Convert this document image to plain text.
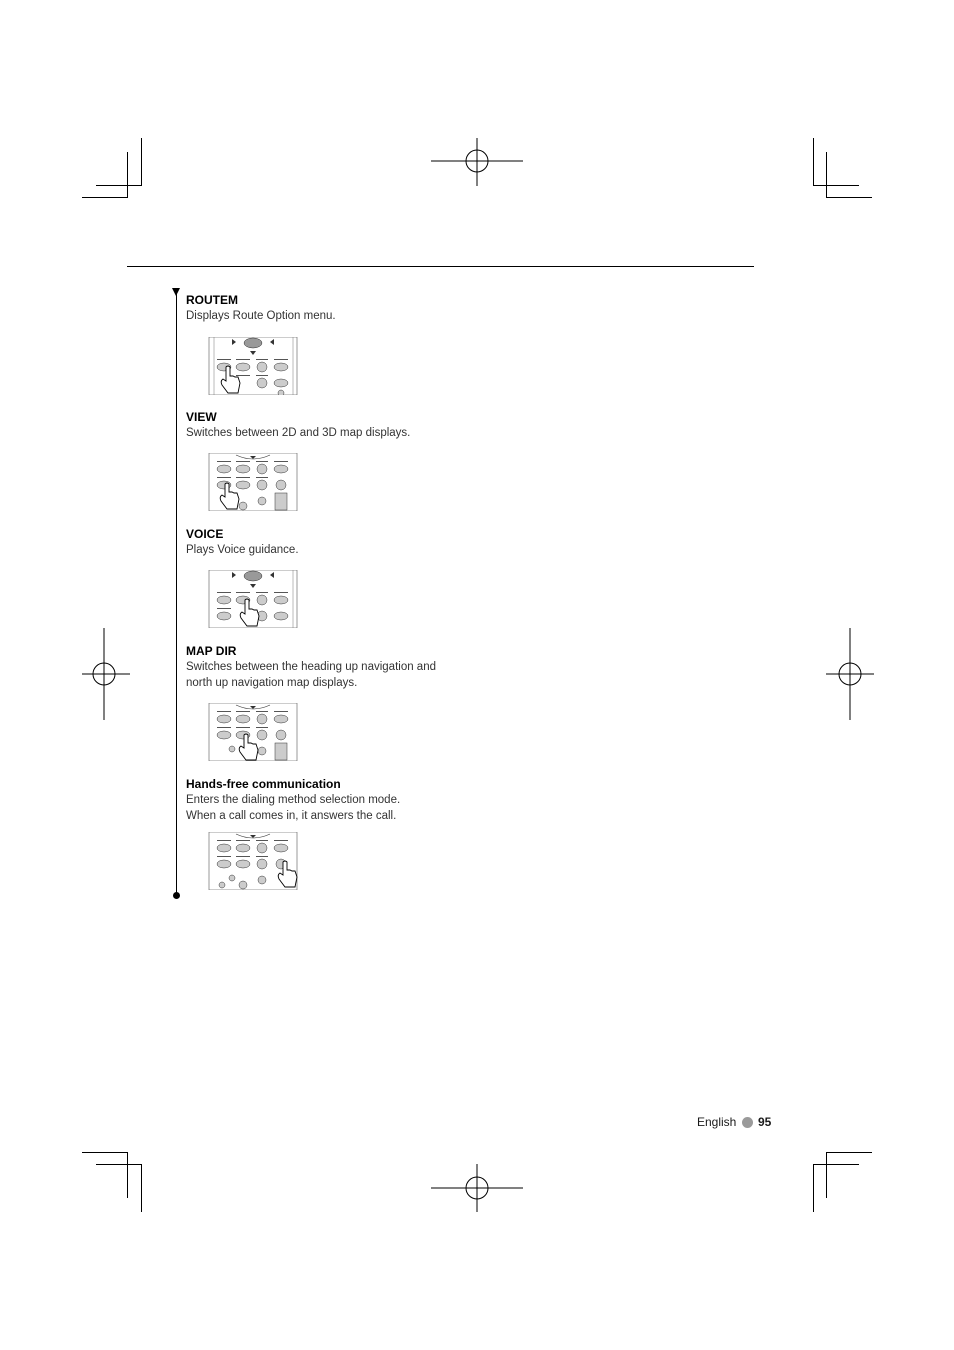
ROUTEM
Displays Route Option menu.
VIEW
Switches between 2D and 3D map displays.
VOICE
Plays Voice guidance.
MAP DIR
Switches between the heading up navigation and
north up navigation map displays.
Hands-free communication
Enters the dialing method selection mode.
When a call comes in, it answers the call.
English 95
